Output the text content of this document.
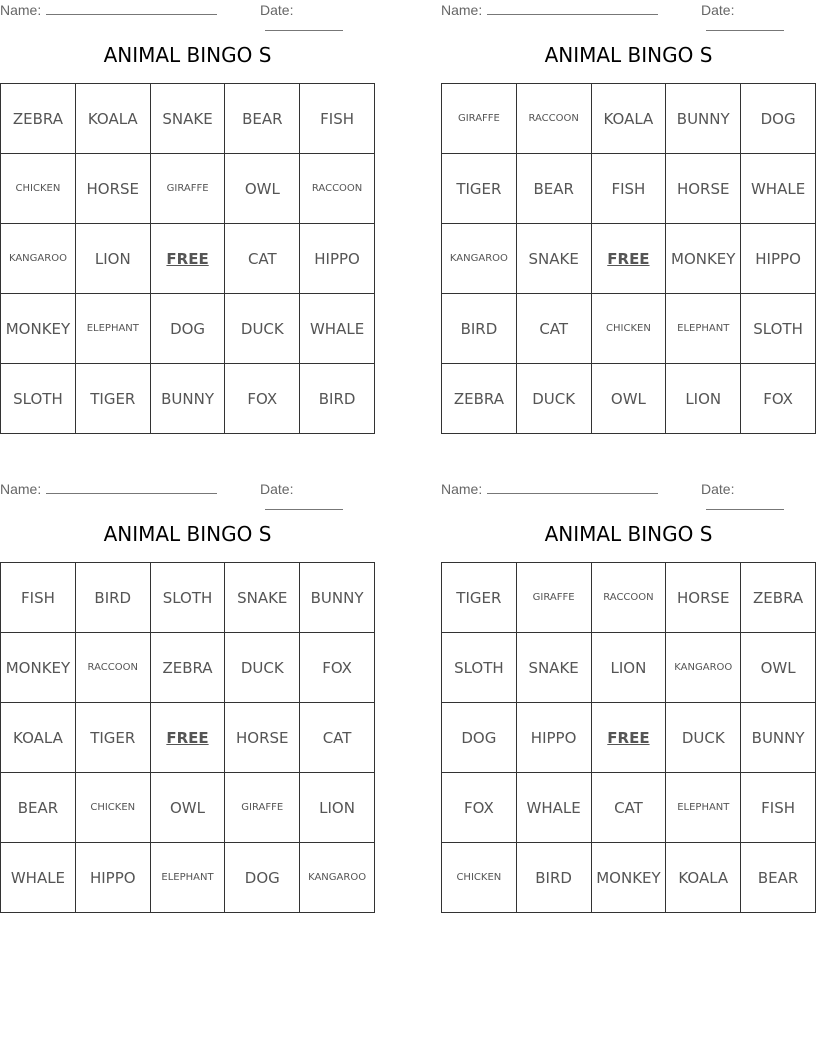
Name:	Date:
ANIMAL BINGO S
ZEBRA	KOALA	SNAKE	BEAR	FISH
CHICKEN	HORSE	GIRAFFE	OWL	RACCOON
KANGAROO	LION	FREE	CAT	HIPPO
MONKEY	ELEPHANT	DOG	DUCK	WHALE
SLOTH	TIGER	BUNNY	FOX	BIRD
Name:	Date:
ANIMAL BINGO S
GIRAFFE	RACCOON	KOALA	BUNNY	DOG
TIGER	BEAR	FISH	HORSE	WHALE
KANGAROO	SNAKE	FREE	MONKEY	HIPPO
BIRD	CAT	CHICKEN	ELEPHANT	SLOTH
ZEBRA	DUCK	OWL	LION	FOX
Name:	Date:
ANIMAL BINGO S
FISH	BIRD	SLOTH	SNAKE	BUNNY
MONKEY	RACCOON	ZEBRA	DUCK	FOX
KOALA	TIGER	FREE	HORSE	CAT
BEAR	CHICKEN	OWL	GIRAFFE	LION
WHALE	HIPPO	ELEPHANT	DOG	KANGAROO
Name:	Date:
ANIMAL BINGO S
TIGER	GIRAFFE	RACCOON	HORSE	ZEBRA
SLOTH	SNAKE	LION	KANGAROO	OWL
DOG	HIPPO	FREE	DUCK	BUNNY
FOX	WHALE	CAT	ELEPHANT	FISH
CHICKEN	BIRD	MONKEY	KOALA	BEAR
